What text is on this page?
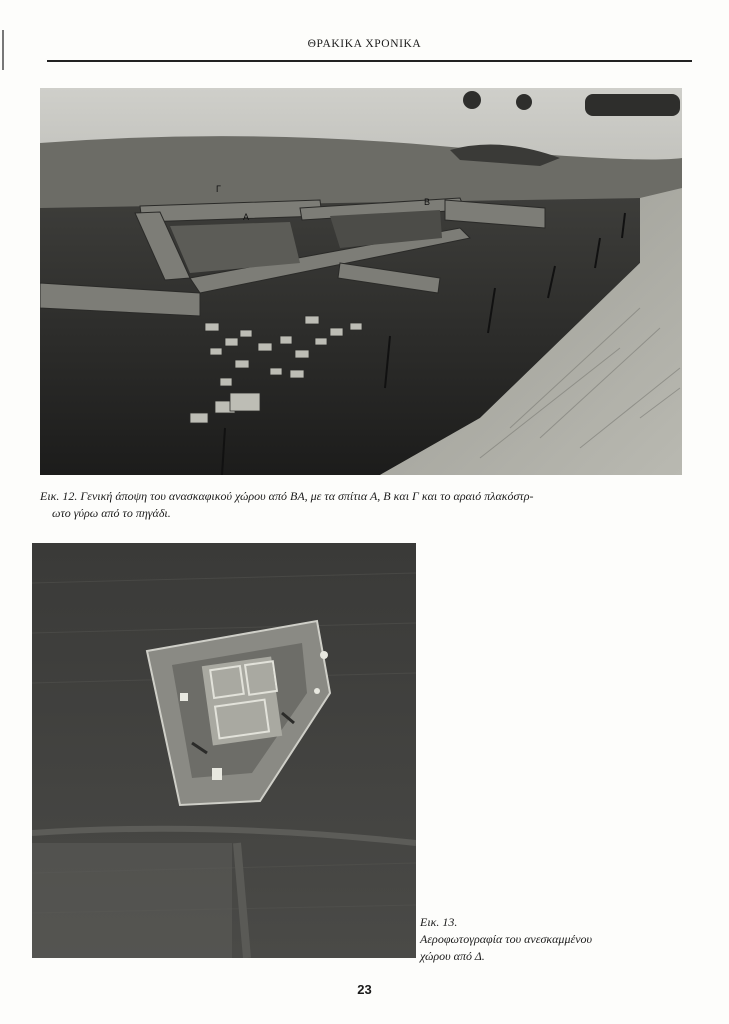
ΘΡΑΚΙΚΑ ΧΡΟΝΙΚΑ
Α
Β
Γ
Εικ. 12. Γενική άποψη του ανασκαφικού χώρου από ΒΑ, με τα σπίτια Α, Β και Γ και το αραιό πλακόστρ-
ωτο γύρω από το πηγάδι.
Εικ. 13.
Αεροφωτογραφία του ανεσκαμμένου
χώρου από Δ.
23
